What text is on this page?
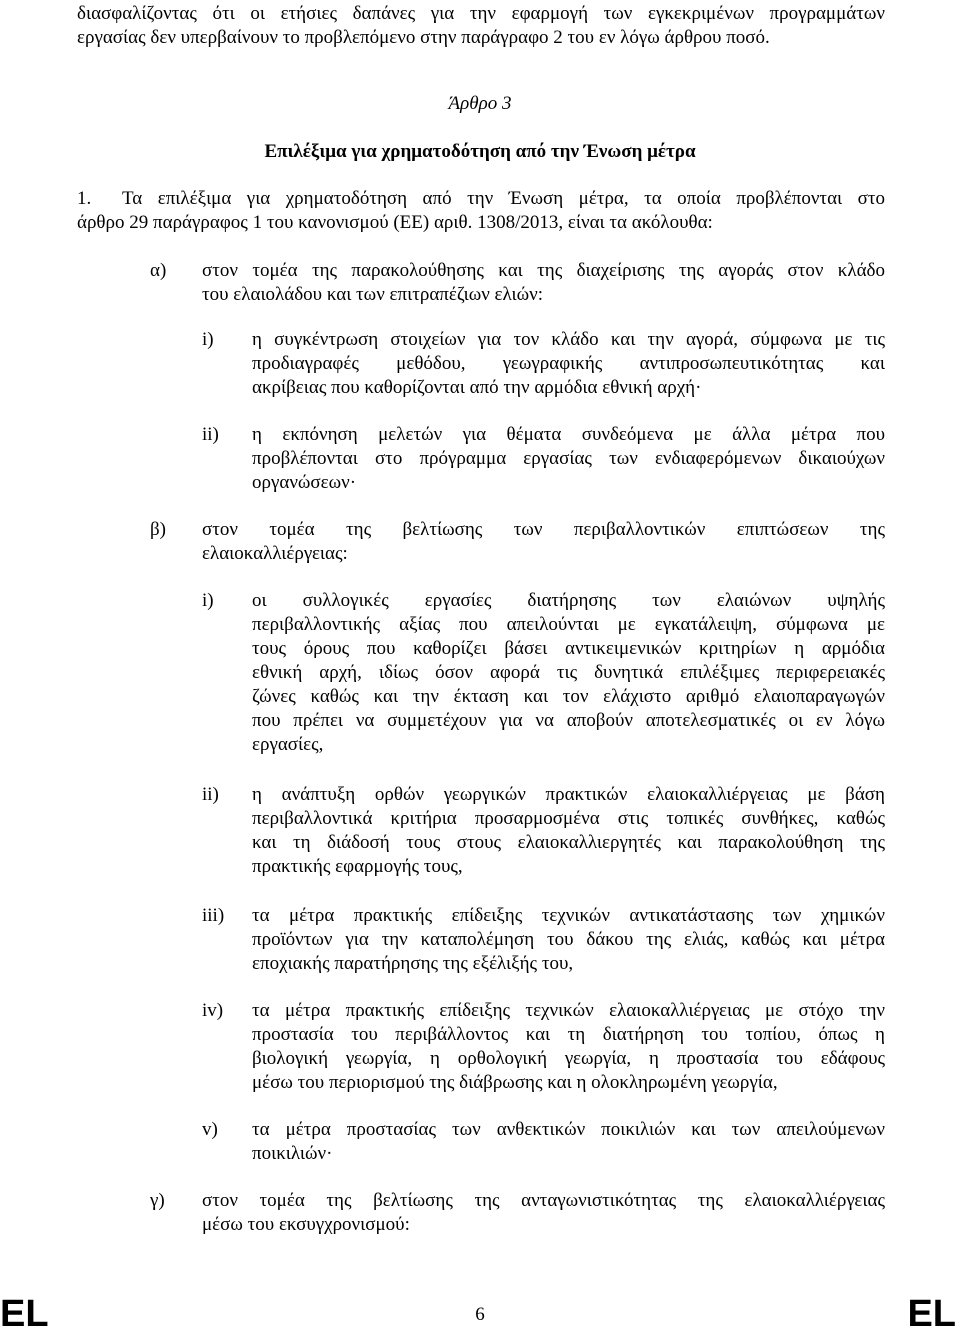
διασφαλίζοντας ότι οι ετήσιες δαπάνες για την εφαρμογή των εγκεκριμένων προγραμμάτων
εργασίας δεν υπερβαίνουν το προβλεπόμενο στην παράγραφο 2 του εν λόγω άρθρου ποσό.
Άρθρο 3
Επιλέξιμα για χρηματοδότηση από την Ένωση μέτρα
1. Τα επιλέξιμα για χρηματοδότηση από την Ένωση μέτρα, τα οποία προβλέπονται στο
άρθρο 29 παράγραφος 1 του κανονισμού (ΕΕ) αριθ. 1308/2013, είναι τα ακόλουθα:
α) στον τομέα της παρακολούθησης και της διαχείρισης της αγοράς στον κλάδο
του ελαιολάδου και των επιτραπέζιων ελιών:
i) η συγκέντρωση στοιχείων για τον κλάδο και την αγορά, σύμφωνα με τις
προδιαγραφές μεθόδου, γεωγραφικής αντιπροσωπευτικότητας και
ακρίβειας που καθορίζονται από την αρμόδια εθνική αρχή·
ii) η εκπόνηση μελετών για θέματα συνδεόμενα με άλλα μέτρα που
προβλέπονται στο πρόγραμμα εργασίας των ενδιαφερόμενων δικαιούχων
οργανώσεων·
β) στον τομέα της βελτίωσης των περιβαλλοντικών επιπτώσεων της
ελαιοκαλλιέργειας:
i) οι συλλογικές εργασίες διατήρησης των ελαιώνων υψηλής
περιβαλλοντικής αξίας που απειλούνται με εγκατάλειψη, σύμφωνα με
τους όρους που καθορίζει βάσει αντικειμενικών κριτηρίων η αρμόδια
εθνική αρχή, ιδίως όσον αφορά τις δυνητικά επιλέξιμες περιφερειακές
ζώνες καθώς και την έκταση και τον ελάχιστο αριθμό ελαιοπαραγωγών
που πρέπει να συμμετέχουν για να αποβούν αποτελεσματικές οι εν λόγω
εργασίες,
ii) η ανάπτυξη ορθών γεωργικών πρακτικών ελαιοκαλλιέργειας με βάση
περιβαλλοντικά κριτήρια προσαρμοσμένα στις τοπικές συνθήκες, καθώς
και τη διάδοσή τους στους ελαιοκαλλιεργητές και παρακολούθηση της
πρακτικής εφαρμογής τους,
iii) τα μέτρα πρακτικής επίδειξης τεχνικών αντικατάστασης των χημικών
προϊόντων για την καταπολέμηση του δάκου της ελιάς, καθώς και μέτρα
εποχιακής παρατήρησης της εξέλιξής του,
iv) τα μέτρα πρακτικής επίδειξης τεχνικών ελαιοκαλλιέργειας με στόχο την
προστασία του περιβάλλοντος και τη διατήρηση του τοπίου, όπως η
βιολογική γεωργία, η ορθολογική γεωργία, η προστασία του εδάφους
μέσω του περιορισμού της διάβρωσης και η ολοκληρωμένη γεωργία,
v) τα μέτρα προστασίας των ανθεκτικών ποικιλιών και των απειλούμενων
ποικιλιών·
γ) στον τομέα της βελτίωσης της ανταγωνιστικότητας της ελαιοκαλλιέργειας
μέσω του εκσυγχρονισμού:
EL	6	EL
